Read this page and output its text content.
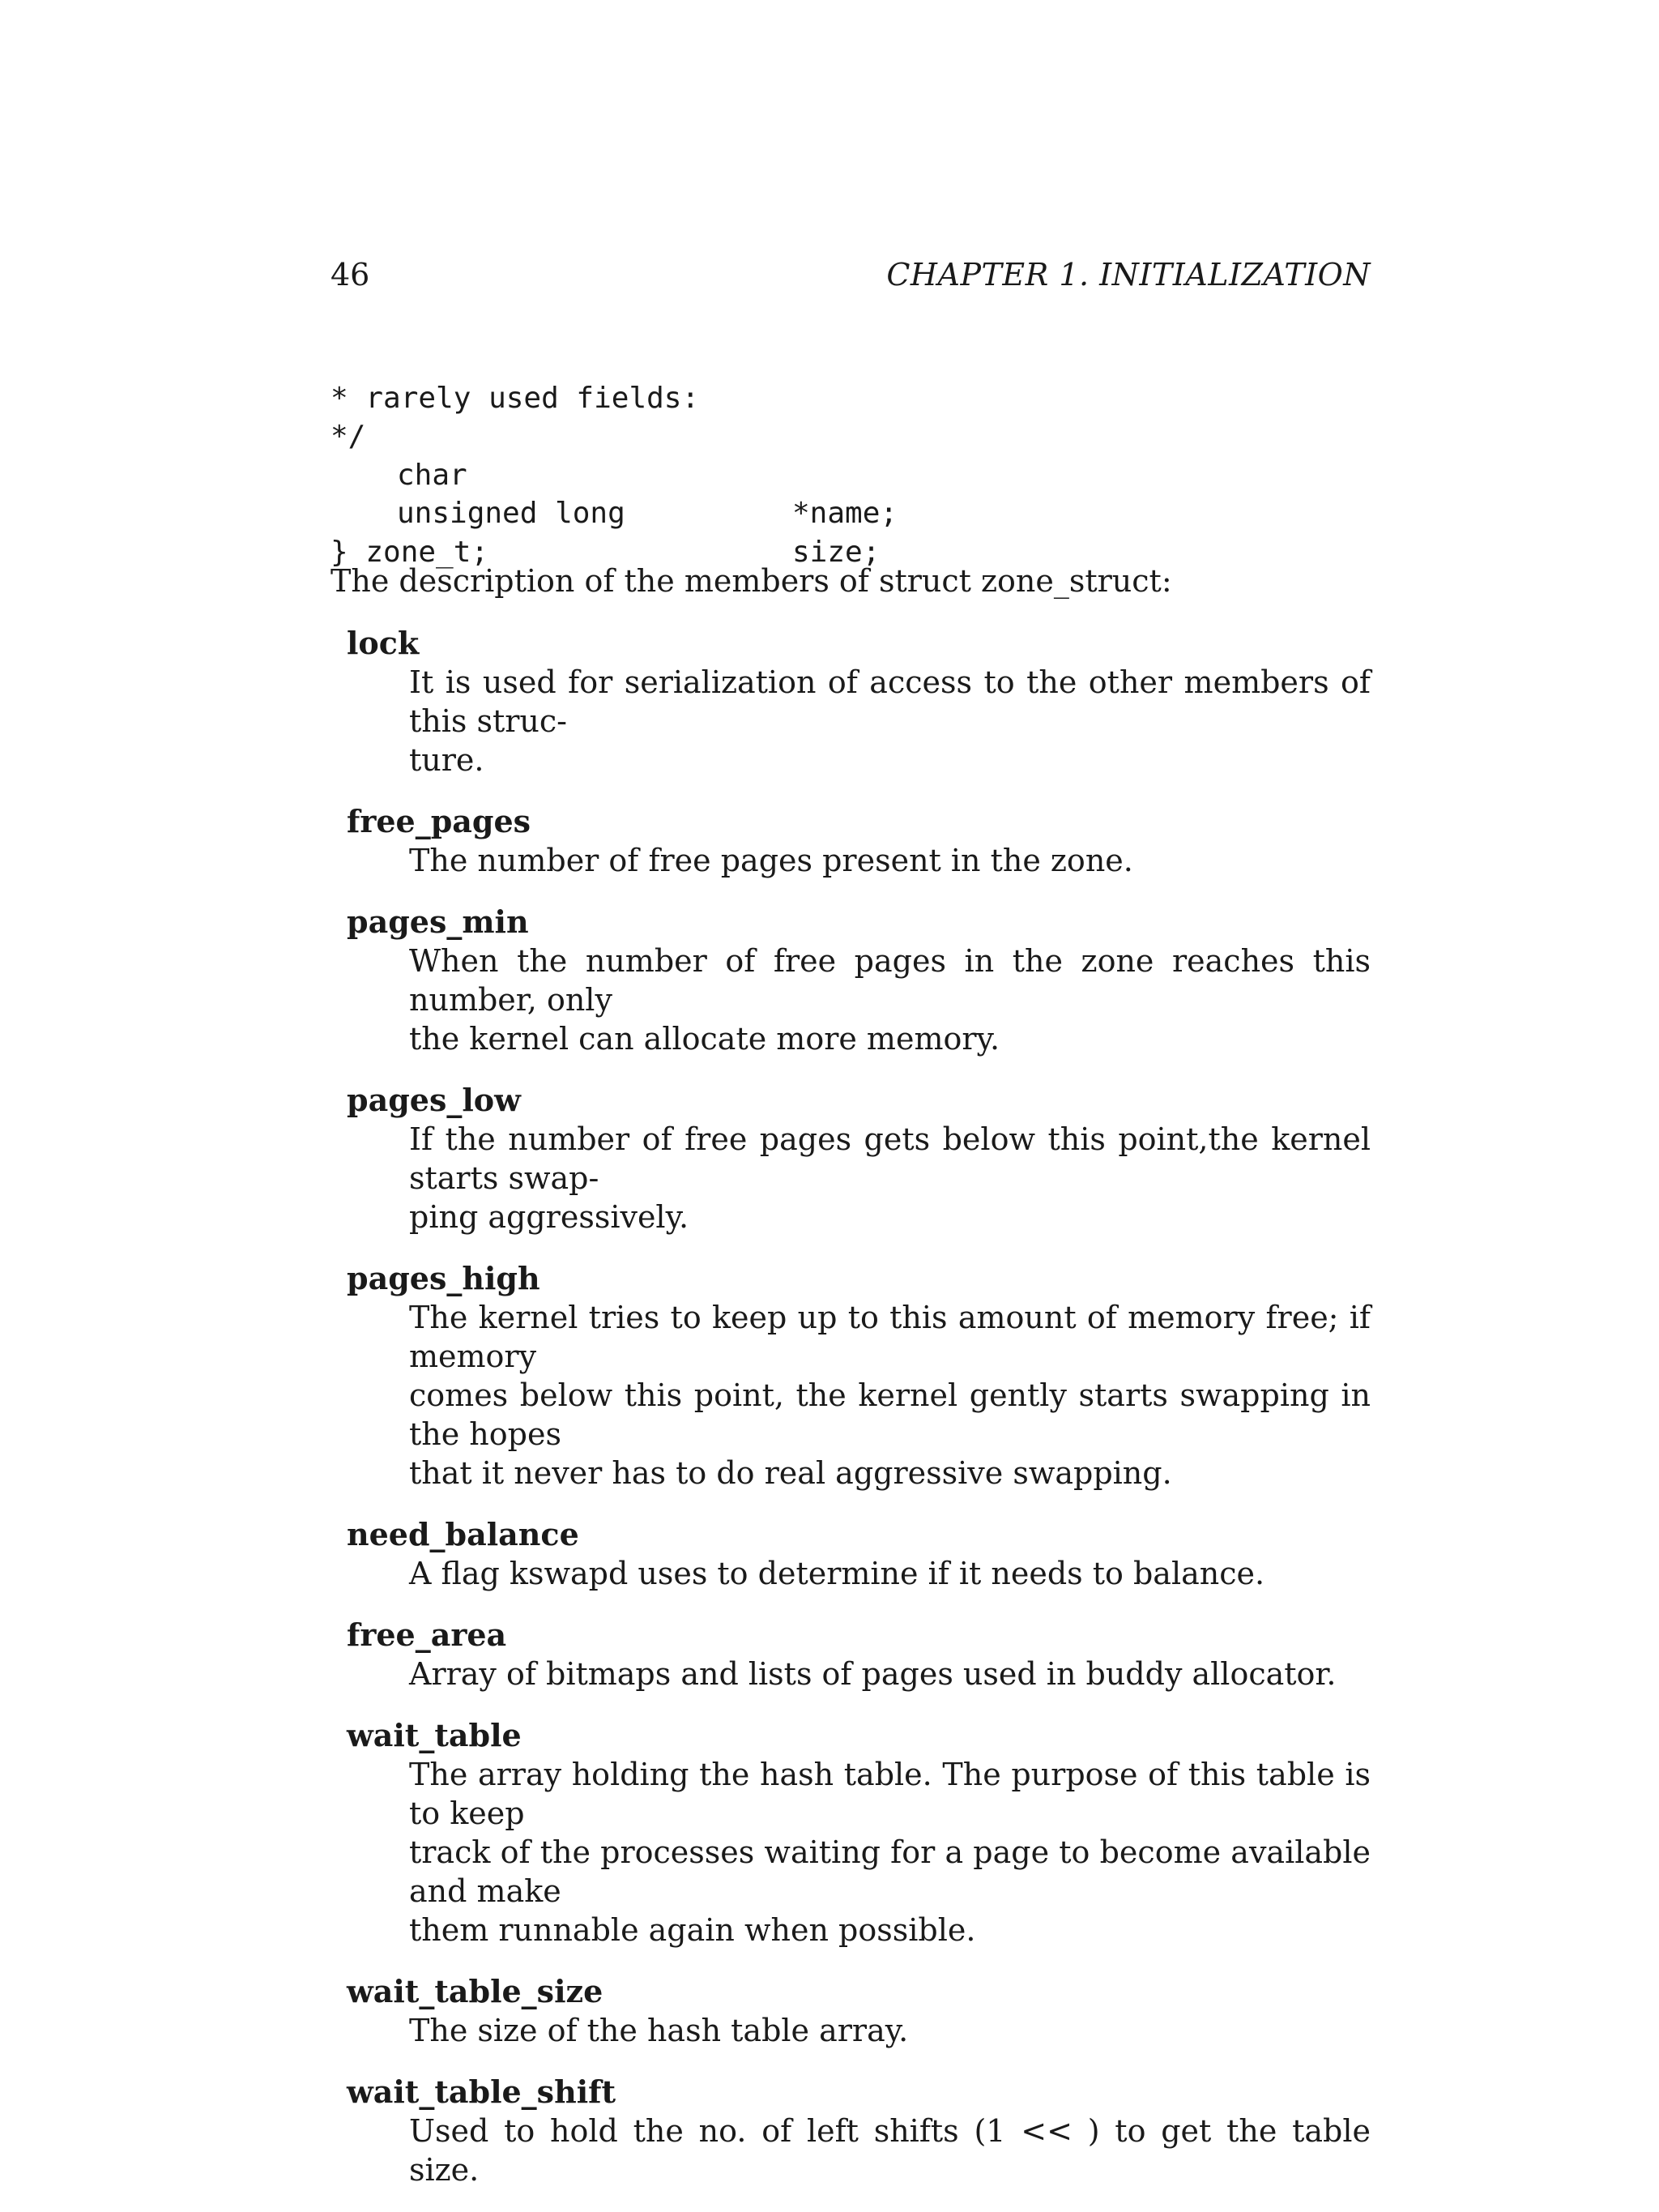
46	CHAPTER 1. INITIALIZATION

* rarely used fields:

*/

char

*name;

unsigned long

size;

} zone_t;

The description of the members of struct zone_struct:
lock
It is used for serialization of access to the other members of this struc-
ture.
free_pages
The number of free pages present in the zone.
pages_min
When the number of free pages in the zone reaches this number, only
the kernel can allocate more memory.
pages_low
If the number of free pages gets below this point,the kernel starts swap-
ping aggressively.
pages_high
The kernel tries to keep up to this amount of memory free; if memory
comes below this point, the kernel gently starts swapping in the hopes
that it never has to do real aggressive swapping.
need_balance
A flag kswapd uses to determine if it needs to balance.
free_area
Array of bitmaps and lists of pages used in buddy allocator.
wait_table
The array holding the hash table. The purpose of this table is to keep
track of the processes waiting for a page to become available and make
them runnable again when possible.
wait_table_size
The size of the hash table array.
wait_table_shift
Used to hold the no. of left shifts (1 << ) to get the table size.
